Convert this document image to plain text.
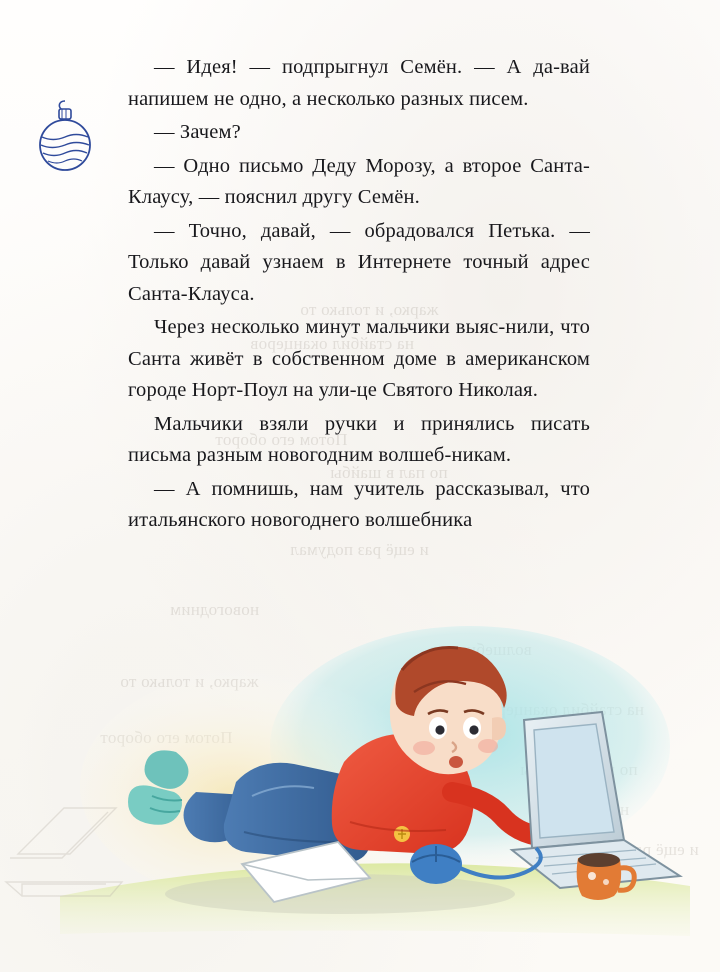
жарко, и только то
на стайбил оканцеров
Потом его оборот
по пал в шайбы
и ещё раз подумал
новогодним
и ещё

— Идея! — подпрыгнул Семён. — А да-вай напишем не одно, а несколько разных писем.

— Зачем?

— Одно письмо Деду Морозу, а второе Санта-Клаусу, — пояснил другу Семён.

— Точно, давай, — обрадовался Петька. — Только давай узнаем в Интернете точный адрес Санта-Клауса.

Через несколько минут мальчики выяс-нили, что Санта живёт в собственном доме в американском городе Норт-Поул на ули-це Святого Николая.

Мальчики взяли ручки и принялись писать письма разным новогодним волшеб-никам.

— А помнишь, нам учитель рассказывал, что итальянского новогоднего волшебника
